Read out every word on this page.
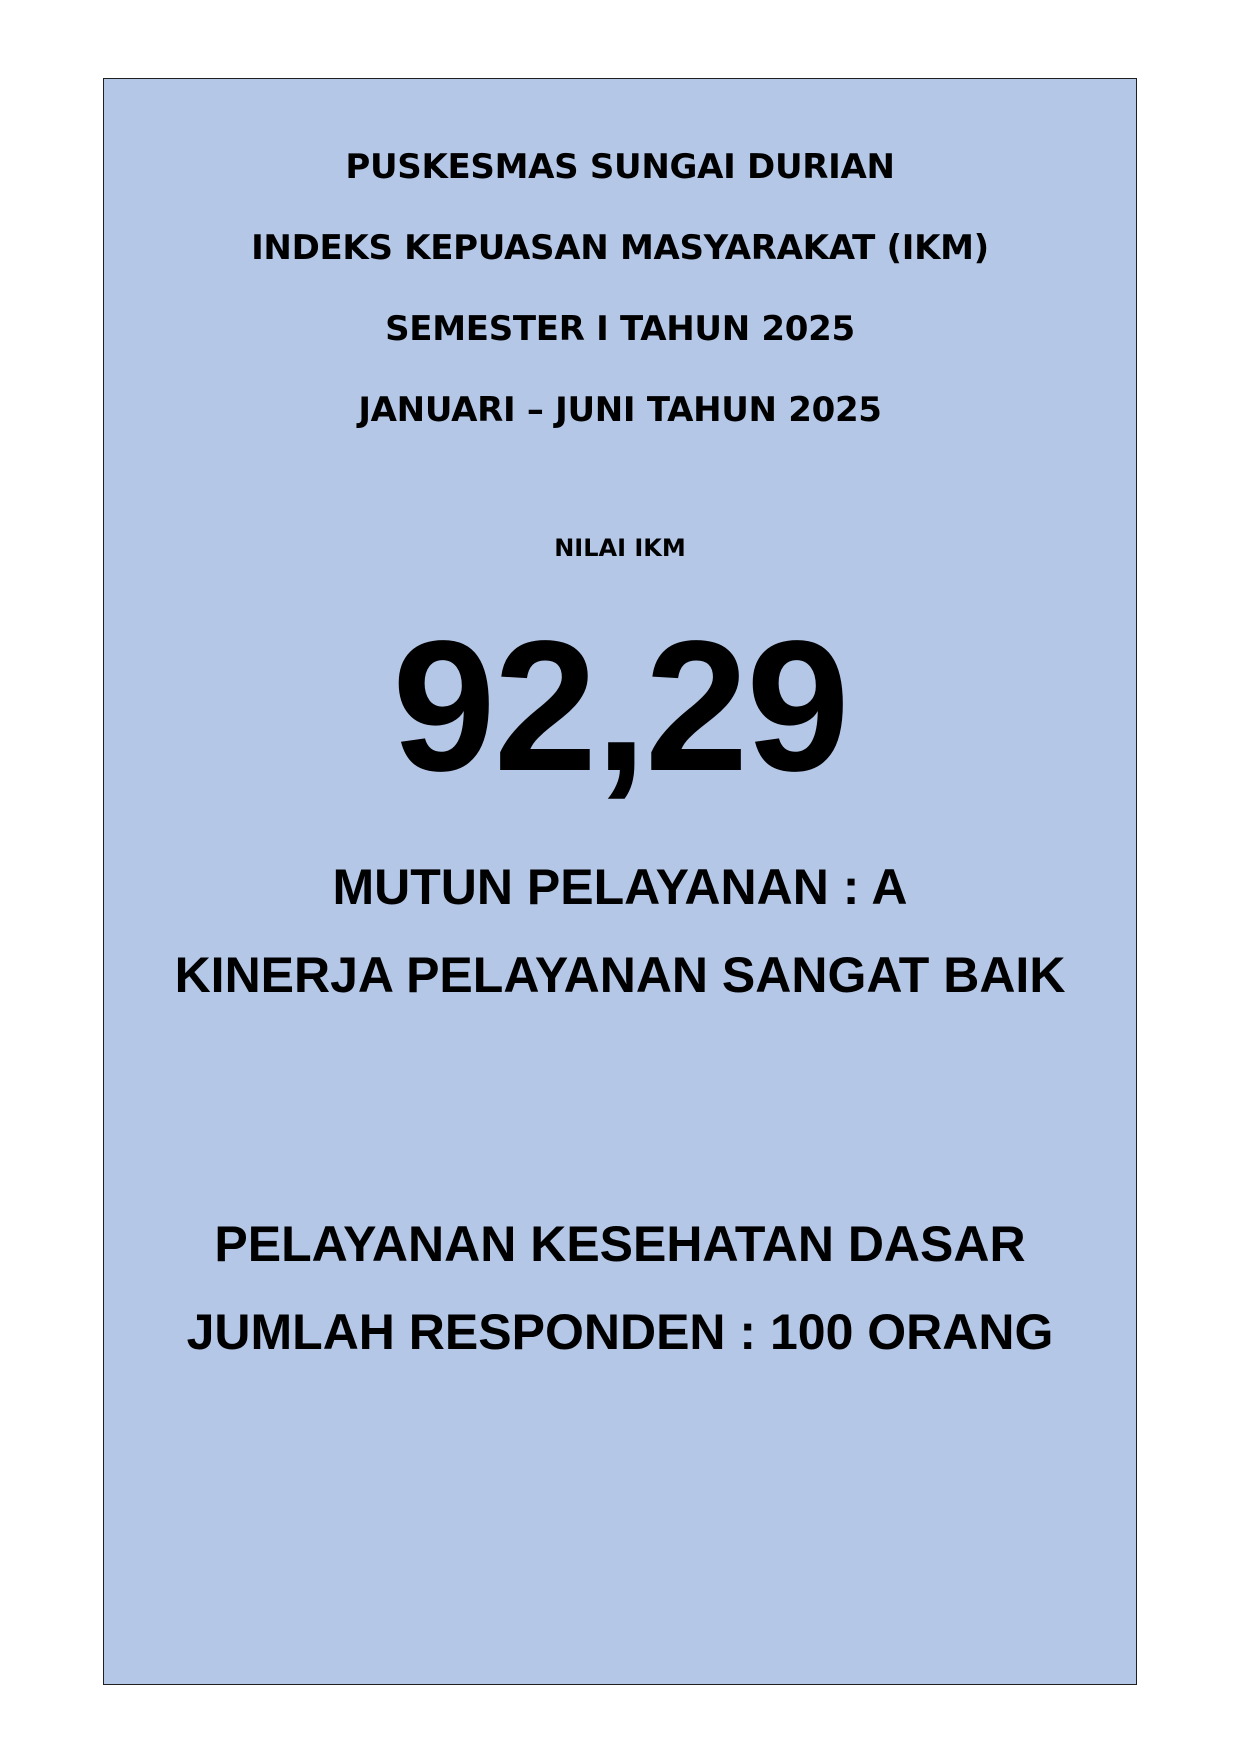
PUSKESMAS SUNGAI DURIAN
INDEKS KEPUASAN MASYARAKAT (IKM)
SEMESTER I TAHUN 2025
JANUARI – JUNI TAHUN 2025
NILAI IKM
92,29
MUTUN PELAYANAN : A
KINERJA PELAYANAN SANGAT BAIK
PELAYANAN KESEHATAN DASAR
JUMLAH RESPONDEN : 100 ORANG
